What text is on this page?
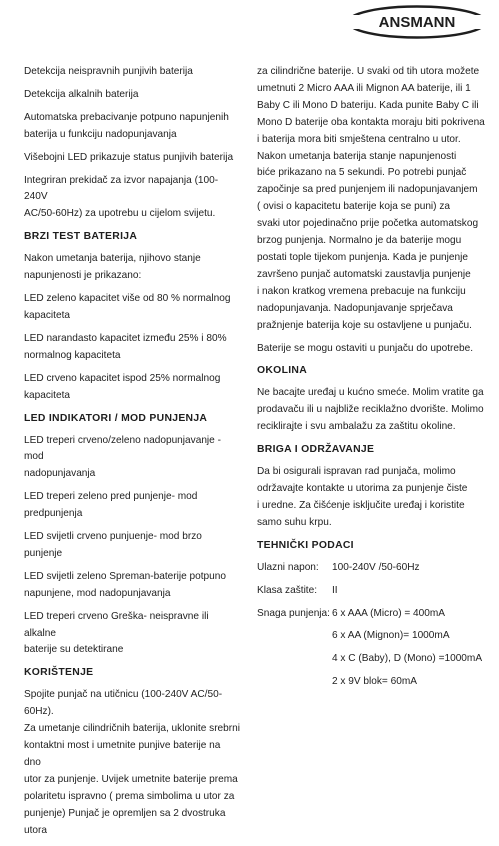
ANSMANN

Detekcija neispravnih punjivih baterija

Detekcija alkalnih baterija

Automatska prebacivanje potpuno napunjenih
baterija u funkciju nadopunjavanja

Višebojni LED prikazuje status punjivih baterija

Integriran prekidač za izvor napajanja (100-240V
AC/50-60Hz) za upotrebu u cijelom svijetu.

BRZI TEST BATERIJA

Nakon umetanja baterija, njihovo stanje
napunjenosti je prikazano:

LED zeleno kapacitet više od 80 % normalnog
kapaciteta

LED narandasto kapacitet između 25% i 80%
normalnog kapaciteta

LED crveno kapacitet ispod 25% normalnog
kapaciteta

LED INDIKATORI / MOD PUNJENJA

LED treperi crveno/zeleno nadopunjavanje - mod
nadopunjavanja

LED treperi zeleno pred punjenje- mod predpunjenja

LED svijetli crveno punjuenje- mod brzo punjenje

LED svijetli zeleno Spreman-baterije potpuno
napunjene, mod nadopunjavanja

LED treperi crveno Greška- neispravne ili alkalne
baterije su detektirane

KORIŠTENJE

Spojite punjač na utičnicu (100-240V AC/50-60Hz).
Za umetanje cilindričnih baterija, uklonite srebrni
kontaktni most i umetnite punjive baterije na dno
utor za punjenje. Uvijek umetnite baterije prema
polaritetu ispravno ( prema simbolima u utor za
punjenje) Punjač je opremljen sa 2 dvostruka utora

za cilindrične baterije. U svaki od tih utora možete
umetnuti 2 Micro AAA ili Mignon AA baterije, ili 1
Baby C ili Mono D bateriju. Kada punite Baby C ili
Mono D baterije oba kontakta moraju biti pokrivena
i baterija mora biti smještena centralno u utor.
Nakon umetanja baterija stanje napunjenosti
biće prikazano na 5 sekundi. Po potrebi punjač
započinje sa pred punjenjem ili nadopunjavanjem
( ovisi o kapacitetu baterije koja se puni) za
svaki utor pojedinačno prije početka automatskog
brzog punjenja. Normalno je da baterije mogu
postati tople tijekom punjenja. Kada je punjenje
završeno punjač automatski zaustavlja punjenje
i nakon kratkog vremena prebacuje na funkciju
nadopunjavanja. Nadopunjavanje sprječava
pražnjenje baterija koje su ostavljene u punjaču.

Baterije se mogu ostaviti u punjaču do upotrebe.

OKOLINA

Ne bacajte uređaj u kućno smeće. Molim vratite ga
prodavaču ili u najbliže reciklažno dvorište. Molimo
reciklirajte i svu ambalažu za zaštitu okoline.

BRIGA I ODRŽAVANJE

Da bi osigurali ispravan rad punjača, molimo
održavajte kontakte u utorima za punjenje čiste
i uredne. Za čišćenje isključite uređaj i koristite
samo suhu krpu.

TEHNIČKI PODACI
Ulazni napon:	100-240V /50-60Hz
Klasa zaštite:	II
Snaga punjenja: 6 x AAA (Micro) = 400mA
6 x AA (Mignon)= 1000mA
4 x C (Baby), D (Mono) =1000mA
2 x 9V blok= 60mA
